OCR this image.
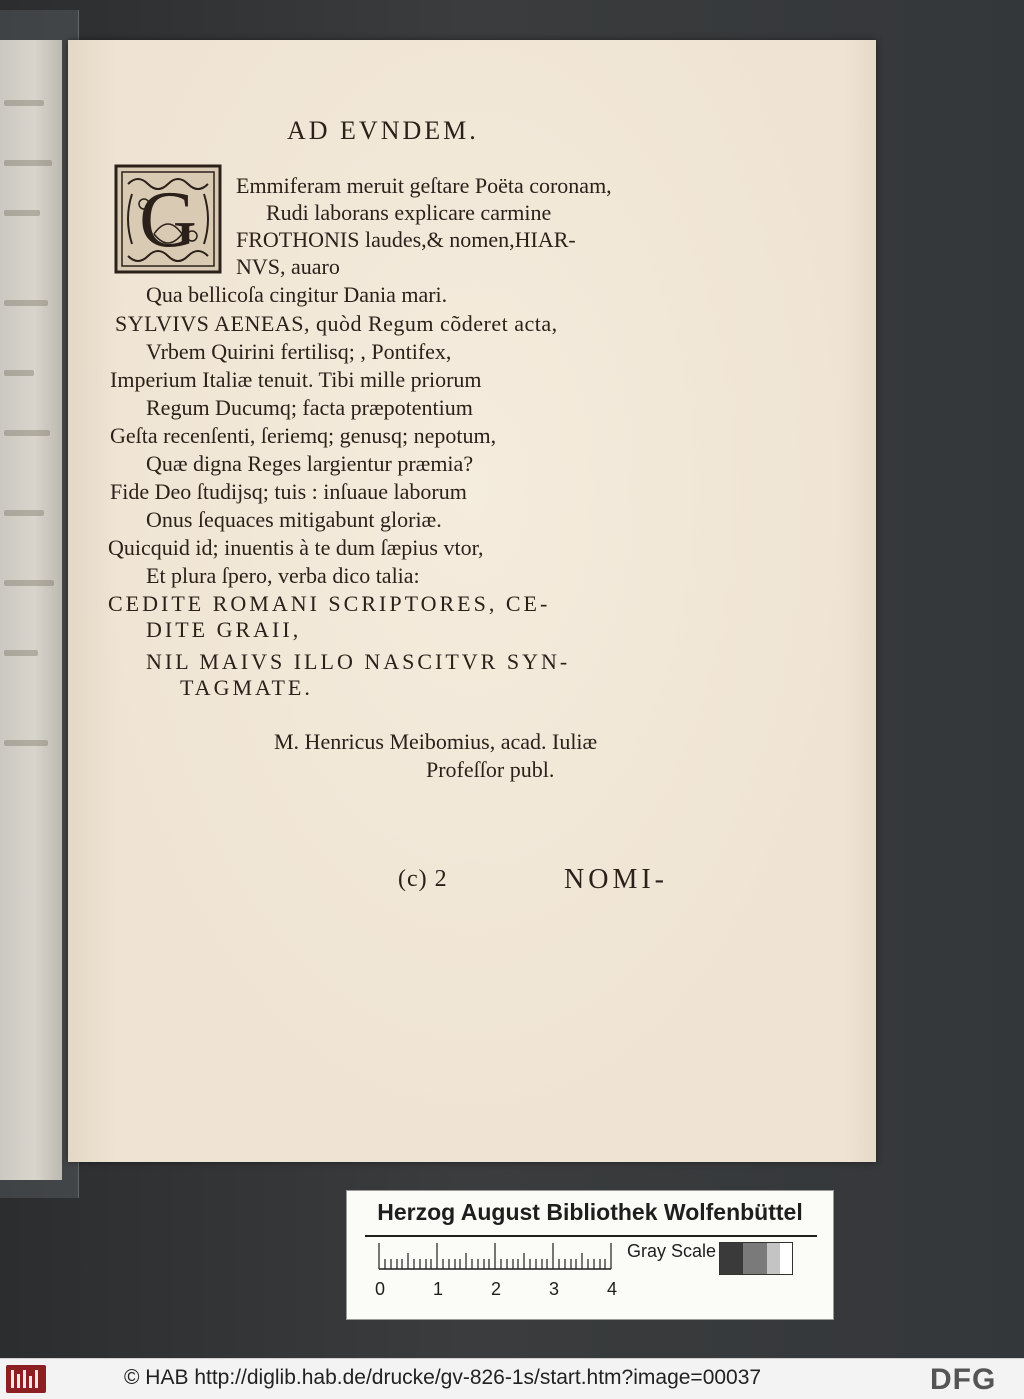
AD EVNDEM.
G Emmiferam meruit geſtare Poëta coronam,
Rudi laborans explicare carmine
FROTHONIS laudes,& nomen,HIAR-
NVS, auaro
Qua bellicoſa cingitur Dania mari.
SYLVIVS AENEAS, quòd Regum cõderet acta,
Vrbem Quirini fertilisq; , Pontifex,
Imperium Italiæ tenuit. Tibi mille priorum
Regum Ducumq; facta præpotentium
Geſta recenſenti, ſeriemq; genusq; nepotum,
Quæ digna Reges largientur præmia?
Fide Deo ſtudijsq; tuis : inſuaue laborum
Onus ſequaces mitigabunt gloriæ.
Quicquid id; inuentis à te dum ſæpius vtor,
Et plura ſpero, verba dico talia:
CEDITE ROMANI SCRIPTORES, CE-
DITE GRAII,
NIL MAIVS ILLO NASCITVR SYN-
TAGMATE.
M. Henricus Meibomius, acad. Iuliæ
Profeſſor publ.
(c) 2	NOMI-
Herzog August Bibliothek Wolfenbüttel
0	1	2	3	4
Gray Scale
© HAB http://diglib.hab.de/drucke/gv-826-1s/start.htm?image=00037	DFG
